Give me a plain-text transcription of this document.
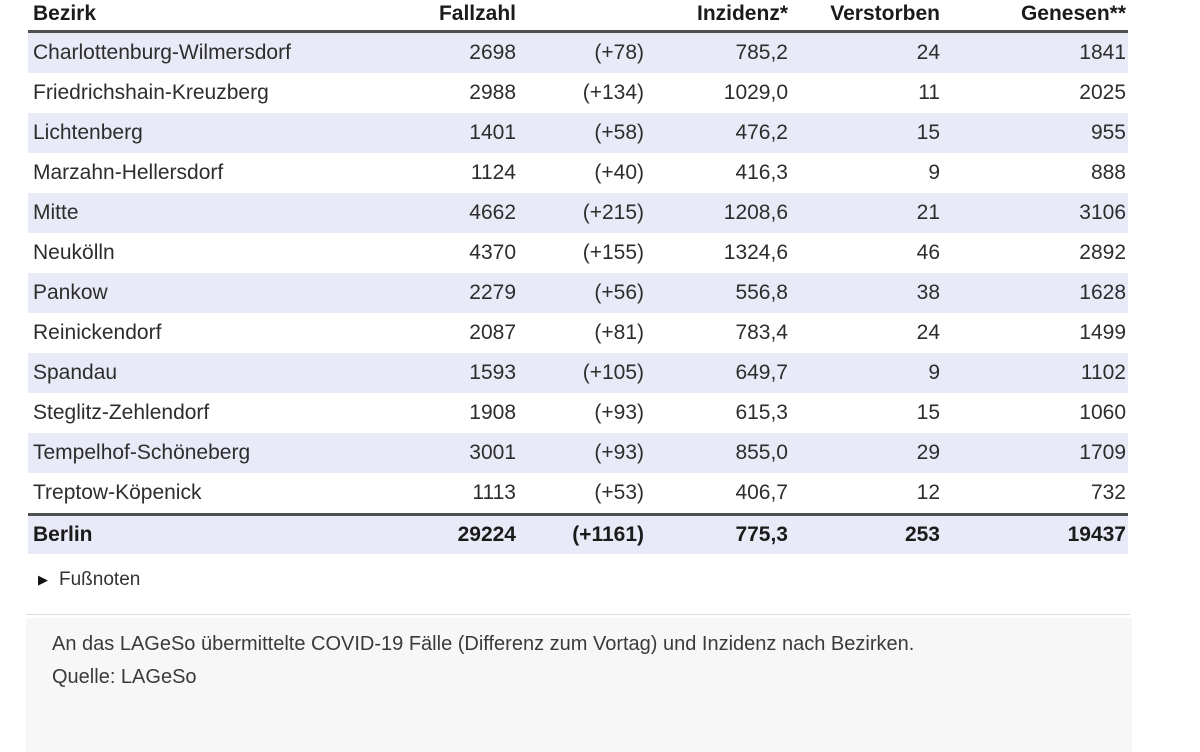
Bezirk	Fallzahl		Inzidenz*	Verstorben	Genesen**
Charlottenburg-Wilmersdorf	2698	(+78)	785,2	24	1841
Friedrichshain-Kreuzberg	2988	(+134)	1029,0	11	2025
Lichtenberg	1401	(+58)	476,2	15	955
Marzahn-Hellersdorf	1124	(+40)	416,3	9	888
Mitte	4662	(+215)	1208,6	21	3106
Neukölln	4370	(+155)	1324,6	46	2892
Pankow	2279	(+56)	556,8	38	1628
Reinickendorf	2087	(+81)	783,4	24	1499
Spandau	1593	(+105)	649,7	9	1102
Steglitz-Zehlendorf	1908	(+93)	615,3	15	1060
Tempelhof-Schöneberg	3001	(+93)	855,0	29	1709
Treptow-Köpenick	1113	(+53)	406,7	12	732
Berlin	29224	(+1161)	775,3	253	19437
▶ Fußnoten
An das LAGeSo übermittelte COVID-19 Fälle (Differenz zum Vortag) und Inzidenz nach Bezirken.
Quelle: LAGeSo
